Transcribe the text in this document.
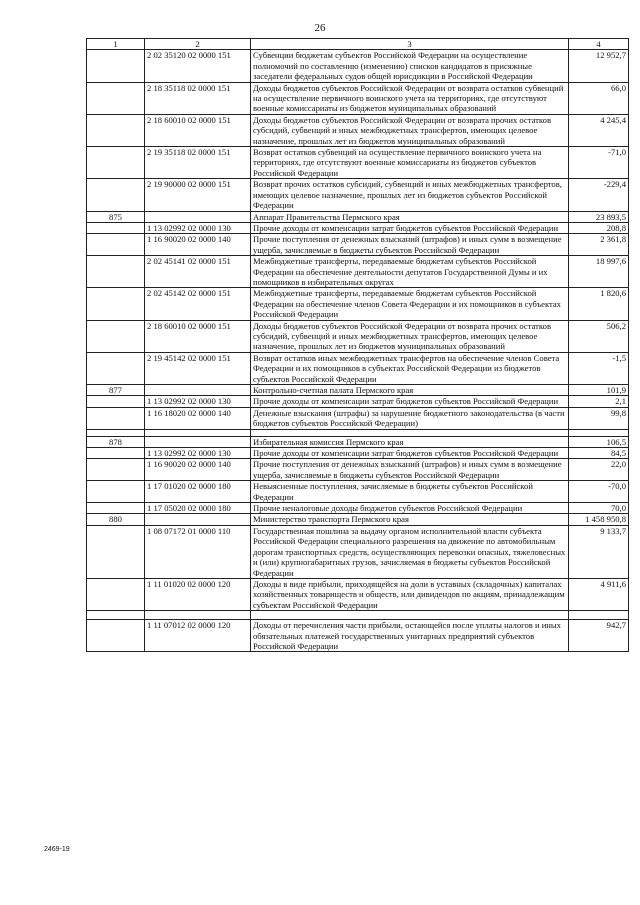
26
1	2	3	4
	2 02 35120 02 0000 151	Субвенции бюджетам субъектов Российской Федерации на осуществление полномочий по составлению (изменению) списков кандидатов в присяжные заседатели федеральных судов общей юрисдикции в Российской Федерации	12 952,7
	2 18 35118 02 0000 151	Доходы бюджетов субъектов Российской Федерации от возврата остатков субвенций на осуществление первичного воинского учета на территориях, где отсутствуют военные комиссариаты из бюджетов муниципальных образований	66,0
	2 18 60010 02 0000 151	Доходы бюджетов субъектов Российской Федерации от возврата прочих остатков субсидий, субвенций и иных межбюджетных трансфертов, имеющих целевое назначение, прошлых лет из бюджетов муниципальных образований	4 245,4
	2 19 35118 02 0000 151	Возврат остатков субвенций на осуществление первичного воинского учета на территориях, где отсутствуют военные комиссариаты из бюджетов субъектов Российской Федерации	-71,0
	2 19 90000 02 0000 151	Возврат прочих остатков субсидий, субвенций и иных межбюджетных трансфертов, имеющих целевое назначение, прошлых лет из бюджетов субъектов Российской Федерации	-229,4
875		Аппарат Правительства Пермского края	23 893,5
	1 13 02992 02 0000 130	Прочие доходы от компенсации затрат бюджетов субъектов Российской Федерации	208,8
	1 16 90020 02 0000 140	Прочие поступления от денежных взысканий (штрафов) и иных сумм в возмещение ущерба, зачисляемые в бюджеты субъектов Российской Федерации	2 361,8
	2 02 45141 02 0000 151	Межбюджетные трансферты, передаваемые бюджетам субъектов Российской Федерации на обеспечение деятельности депутатов Государственной Думы и их помощников в избирательных округах	18 997,6
	2 02 45142 02 0000 151	Межбюджетные трансферты, передаваемые бюджетам субъектов Российской Федерации на обеспечение членов Совета Федерации и их помощников в субъектах Российской Федерации	1 820,6
	2 18 60010 02 0000 151	Доходы бюджетов субъектов Российской Федерации от возврата прочих остатков субсидий, субвенций и иных межбюджетных трансфертов, имеющих целевое назначение, прошлых лет из бюджетов муниципальных образований	506,2
	2 19 45142 02 0000 151	Возврат остатков иных межбюджетных трансфертов на обеспечение членов Совета Федерации и их помощников в субъектах Российской Федерации из бюджетов субъектов Российской Федерации	-1,5
877		Контрольно-счетная палата Пермского края	101,9
	1 13 02992 02 0000 130	Прочие доходы от компенсации затрат бюджетов субъектов Российской Федерации	2,1
	1 16 18020 02 0000 140	Денежные взыскания (штрафы) за нарушение бюджетного законодательства (в части бюджетов субъектов Российской Федерации)	99,8

878		Избирательная комиссия Пермского края	106,5
	1 13 02992 02 0000 130	Прочие доходы от компенсации затрат бюджетов субъектов Российской Федерации	84,5
	1 16 90020 02 0000 140	Прочие поступления от денежных взысканий (штрафов) и иных сумм в возмещение ущерба, зачисляемые в бюджеты субъектов Российской Федерации	22,0
	1 17 01020 02 0000 180	Невыясненные поступления, зачисляемые в бюджеты субъектов Российской Федерации	-70,0
	1 17 05020 02 0000 180	Прочие неналоговые доходы бюджетов субъектов Российской Федерации	70,0
880		Министерство транспорта Пермского края	1 458 950,8
	1 08 07172 01 0000 110	Государственная пошлина за выдачу органом исполнительной власти субъекта Российской Федерации специального разрешения на движение по автомобильным дорогам транспортных средств, осуществляющих перевозки опасных, тяжеловесных и (или) крупногабаритных грузов, зачисляемая в бюджеты субъектов Российской Федерации	9 133,7
	1 11 01020 02 0000 120	Доходы в виде прибыли, приходящейся на доли в уставных (складочных) капиталах хозяйственных товариществ и обществ, или дивидендов по акциям, принадлежащим субъектам Российской Федерации	4 911,6

	1 11 07012 02 0000 120	Доходы от перечисления части прибыли, остающейся после уплаты налогов и иных обязательных платежей государственных унитарных предприятий субъектов Российской Федерации	942,7
2469-19
